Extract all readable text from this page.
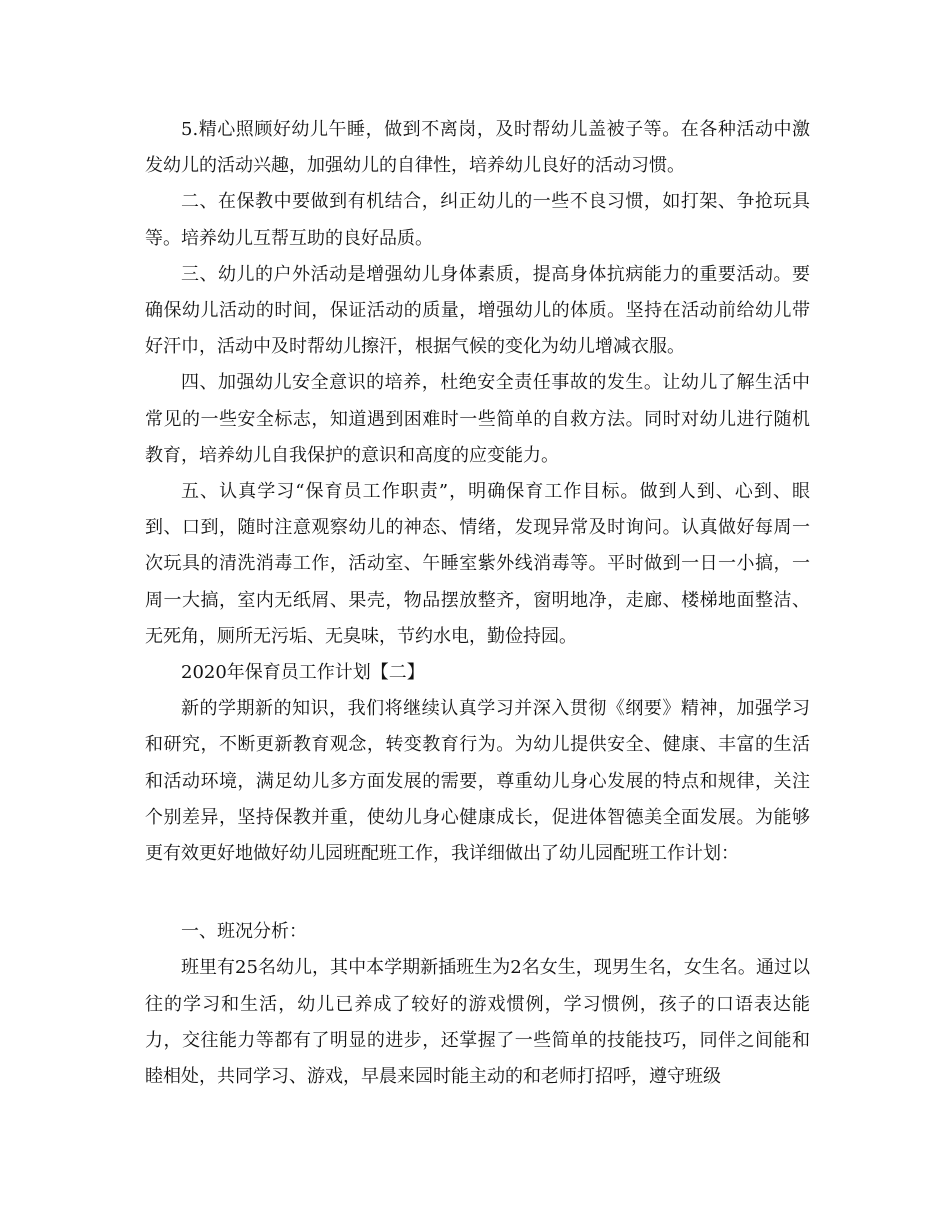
5.精心照顾好幼儿午睡，做到不离岗，及时帮幼儿盖被子等。在各种活动中激发幼儿的活动兴趣，加强幼儿的自律性，培养幼儿良好的活动习惯。

二、在保教中要做到有机结合，纠正幼儿的一些不良习惯，如打架、争抢玩具等。培养幼儿互帮互助的良好品质。

三、幼儿的户外活动是增强幼儿身体素质，提高身体抗病能力的重要活动。要确保幼儿活动的时间，保证活动的质量，增强幼儿的体质。坚持在活动前给幼儿带好汗巾，活动中及时帮幼儿擦汗，根据气候的变化为幼儿增减衣服。

四、加强幼儿安全意识的培养，杜绝安全责任事故的发生。让幼儿了解生活中常见的一些安全标志，知道遇到困难时一些简单的自救方法。同时对幼儿进行随机教育，培养幼儿自我保护的意识和高度的应变能力。

五、认真学习“保育员工作职责”，明确保育工作目标。做到人到、心到、眼到、口到，随时注意观察幼儿的神态、情绪，发现异常及时询问。认真做好每周一次玩具的清洗消毒工作，活动室、午睡室紫外线消毒等。平时做到一日一小搞，一周一大搞，室内无纸屑、果壳，物品摆放整齐，窗明地净，走廊、楼梯地面整洁、无死角，厕所无污垢、无臭味，节约水电，勤俭持园。

2020年保育员工作计划【二】

新的学期新的知识，我们将继续认真学习并深入贯彻《纲要》精神，加强学习和研究，不断更新教育观念，转变教育行为。为幼儿提供安全、健康、丰富的生活和活动环境，满足幼儿多方面发展的需要，尊重幼儿身心发展的特点和规律，关注个别差异，坚持保教并重，使幼儿身心健康成长，促进体智德美全面发展。为能够更有效更好地做好幼儿园班配班工作，我详细做出了幼儿园配班工作计划：

一、班况分析：

班里有25名幼儿，其中本学期新插班生为2名女生，现男生名，女生名。通过以往的学习和生活，幼儿已养成了较好的游戏惯例，学习惯例，孩子的口语表达能力，交往能力等都有了明显的进步，还掌握了一些简单的技能技巧，同伴之间能和睦相处，共同学习、游戏，早晨来园时能主动的和老师打招呼，遵守班级
